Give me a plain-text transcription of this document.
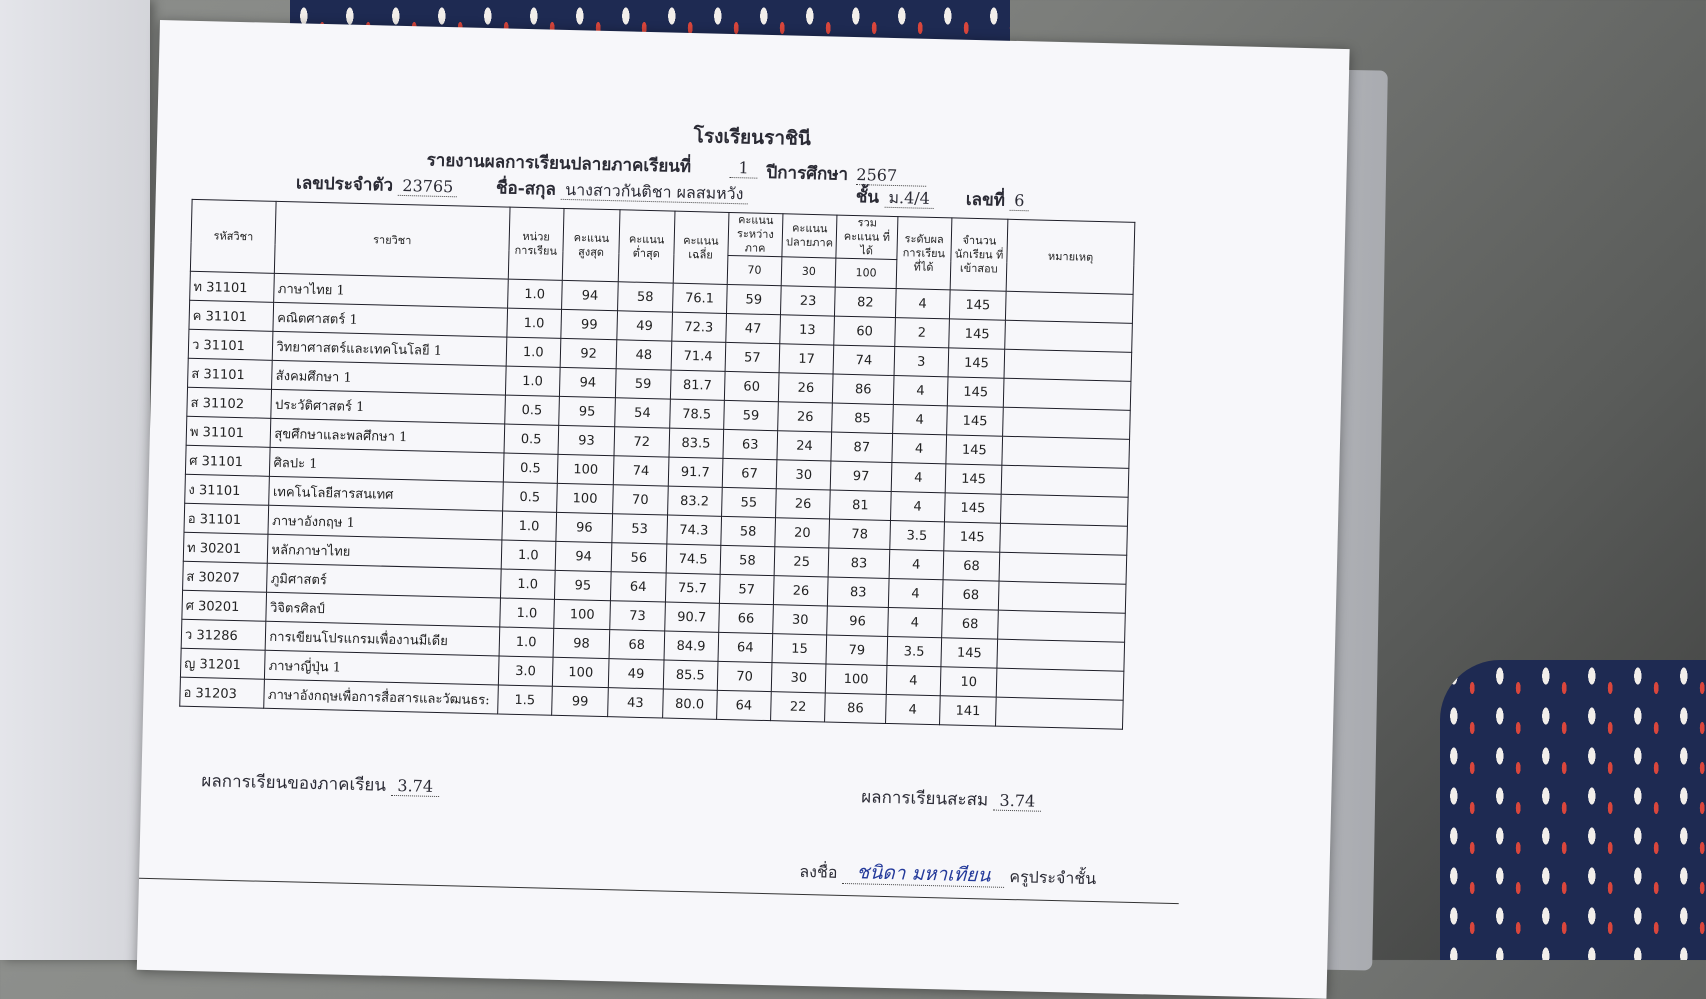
โรงเรียนราชินี
รายงานผลการเรียนปลายภาคเรียนที่	1	ปีการศึกษา 2567
เลขประจำตัว 23765 ชื่อ-สกุล นางสาวกันติชา ผลสมหวัง	ชั้น ม.4/4 เลขที่ 6
รหัสวิชา	รายวิชา	หน่วย การเรียน	คะแนน สูงสุด	คะแนน ต่ำสุด	คะแนน เฉลี่ย	คะแนน ระหว่างภาค	คะแนน ปลายภาค	รวมคะแนน ที่ได้	ระดับผล การเรียน ที่ได้	จำนวน นักเรียน ที่เข้าสอบ	หมายเหตุ
						70	30	100			
ท 31101	ภาษาไทย 1	1.0	94	58	76.1	59	23	82	4	145	
ค 31101	คณิตศาสตร์ 1	1.0	99	49	72.3	47	13	60	2	145	
ว 31101	วิทยาศาสตร์และเทคโนโลยี 1	1.0	92	48	71.4	57	17	74	3	145	
ส 31101	สังคมศึกษา 1	1.0	94	59	81.7	60	26	86	4	145	
ส 31102	ประวัติศาสตร์ 1	0.5	95	54	78.5	59	26	85	4	145	
พ 31101	สุขศึกษาและพลศึกษา 1	0.5	93	72	83.5	63	24	87	4	145	
ศ 31101	ศิลปะ 1	0.5	100	74	91.7	67	30	97	4	145	
ง 31101	เทคโนโลยีสารสนเทศ	0.5	100	70	83.2	55	26	81	4	145	
อ 31101	ภาษาอังกฤษ 1	1.0	96	53	74.3	58	20	78	3.5	145	
ท 30201	หลักภาษาไทย	1.0	94	56	74.5	58	25	83	4	68	
ส 30207	ภูมิศาสตร์	1.0	95	64	75.7	57	26	83	4	68	
ศ 30201	วิจิตรศิลป์	1.0	100	73	90.7	66	30	96	4	68	
ว 31286	การเขียนโปรแกรมเพื่องานมีเดีย	1.0	98	68	84.9	64	15	79	3.5	145	
ญ 31201	ภาษาญี่ปุ่น 1	3.0	100	49	85.5	70	30	100	4	10	
อ 31203	ภาษาอังกฤษเพื่อการสื่อสารและวัฒนธร:	1.5	99	43	80.0	64	22	86	4	141	
ผลการเรียนของภาคเรียน 3.74
ผลการเรียนสะสม 3.74
ลงชื่อ ชนิดา มหาเทียน ครูประจำชั้น
